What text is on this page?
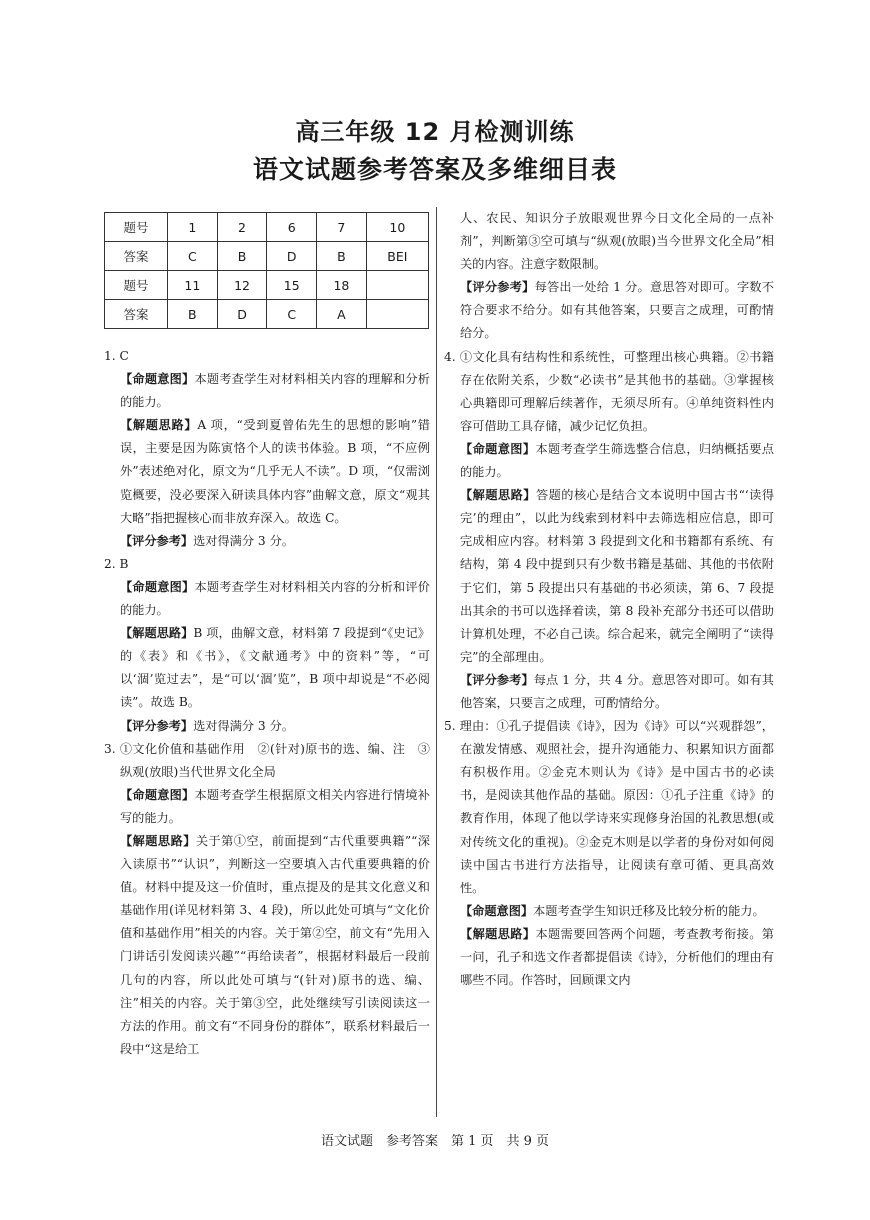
高三年级 12 月检测训练
语文试题参考答案及多维细目表
题号	1	2	6	7	10
答案	C	B	D	B	BEI
题号	11	12	15	18	
答案	B	D	C	A	

1. C

【命题意图】本题考查学生对材料相关内容的理解和分析的能力。

【解题思路】A 项，“受到夏曾佑先生的思想的影响”错误，主要是因为陈寅恪个人的读书体验。B 项，“不应例外”表述绝对化，原文为“几乎无人不读”。D 项，“仅需浏览概要，没必要深入研读具体内容”曲解文意，原文“观其大略”指把握核心而非放弃深入。故选 C。

【评分参考】选对得满分 3 分。

2. B

【命题意图】本题考查学生对材料相关内容的分析和评价的能力。

【解题思路】B 项，曲解文意，材料第 7 段提到“《史记》的《表》和《书》，《文献通考》中的资料”等，“可以‘涸’览过去”，是“可以‘涸’览”，B 项中却说是“不必阅读”。故选 B。

【评分参考】选对得满分 3 分。

3. ①文化价值和基础作用　②(针对)原书的选、编、注　③纵观(放眼)当代世界文化全局

【命题意图】本题考查学生根据原文相关内容进行情境补写的能力。

【解题思路】关于第①空，前面提到“古代重要典籍”“深入读原书”“认识”，判断这一空要填入古代重要典籍的价值。材料中提及这一价值时，重点提及的是其文化意义和基础作用(详见材料第 3、4 段)，所以此处可填与“文化价值和基础作用”相关的内容。关于第②空，前文有“先用入门讲话引发阅读兴趣”“再给读者”，根据材料最后一段前几句的内容，所以此处可填与“(针对)原书的选、编、注”相关的内容。关于第③空，此处继续写引读阅读这一方法的作用。前文有“不同身份的群体”，联系材料最后一段中“这是给工

人、农民、知识分子放眼观世界今日文化全局的一点补剂”，判断第③空可填与“纵观(放眼)当今世界文化全局”相关的内容。注意字数限制。

【评分参考】每答出一处给 1 分。意思答对即可。字数不符合要求不给分。如有其他答案，只要言之成理，可酌情给分。

4. ①文化具有结构性和系统性，可整理出核心典籍。②书籍存在依附关系，少数“必读书”是其他书的基础。③掌握核心典籍即可理解后续著作，无须尽所有。④单纯资料性内容可借助工具存储，减少记忆负担。

【命题意图】本题考查学生筛选整合信息，归纳概括要点的能力。

【解题思路】答题的核心是结合文本说明中国古书“‘读得完’的理由”，以此为线索到材料中去筛选相应信息，即可完成相应内容。材料第 3 段提到文化和书籍都有系统、有结构，第 4 段中提到只有少数书籍是基础、其他的书依附于它们，第 5 段提出只有基础的书必须读，第 6、7 段提出其余的书可以选择着读，第 8 段补充部分书还可以借助计算机处理，不必自己读。综合起来，就完全阐明了“读得完”的全部理由。

【评分参考】每点 1 分，共 4 分。意思答对即可。如有其他答案，只要言之成理，可酌情给分。

5. 理由：①孔子提倡读《诗》，因为《诗》可以“兴观群怨”，在激发情感、观照社会，提升沟通能力、积累知识方面都有积极作用。②金克木则认为《诗》是中国古书的必读书，是阅读其他作品的基础。原因：①孔子注重《诗》的教育作用，体现了他以学诗来实现修身治国的礼教思想(或对传统文化的重视)。②金克木则是以学者的身份对如何阅读中国古书进行方法指导，让阅读有章可循、更具高效性。

【命题意图】本题考查学生知识迁移及比较分析的能力。

【解题思路】本题需要回答两个问题，考查教考衔接。第一问，孔子和选文作者都提倡读《诗》，分析他们的理由有哪些不同。作答时，回顾课文内

语文试题　参考答案　第 1 页　共 9 页
